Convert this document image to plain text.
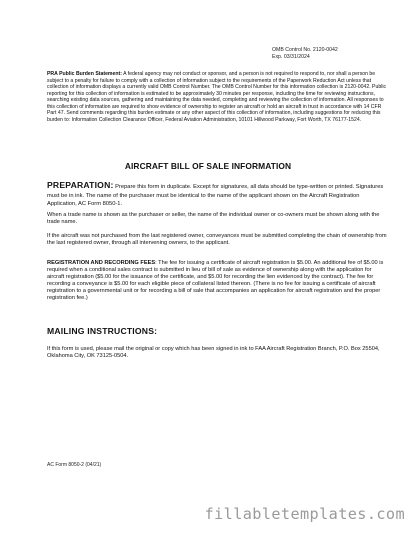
OMB Control No. 2120-0042
Exp. 03/31/2024
PRA Public Burden Statement: A federal agency may not conduct or sponsor, and a person is not required to respond to, nor shall a person be subject to a penalty for failure to comply with a collection of information subject to the requirements of the Paperwork Reduction Act unless that collection of information displays a currently valid OMB Control Number. The OMB Control Number for this information collection is 2120-0042. Public reporting for this collection of information is estimated to be approximately 30 minutes per response, including the time for reviewing instructions, searching existing data sources, gathering and maintaining the data needed, completing and reviewing the collection of information. All responses to this collection of information are required to show evidence of ownership to register an aircraft or hold an aircraft in trust in accordance with 14 CFR Part 47. Send comments regarding this burden estimate or any other aspect of this collection of information, including suggestions for reducing this burden to: Information Collection Clearance Officer, Federal Aviation Administration, 10101 Hillwood Parkway, Fort Worth, TX 76177-1524.
AIRCRAFT BILL OF SALE INFORMATION
PREPARATION: Prepare this form in duplicate. Except for signatures, all data should be type-written or printed. Signatures must be in ink. The name of the purchaser must be identical to the name of the applicant shown on the Aircraft Registration Application, AC Form 8050-1.
When a trade name is shown as the purchaser or seller, the name of the individual owner or co-owners must be shown along with the trade name.
If the aircraft was not purchased from the last registered owner, conveyances must be submitted completing the chain of ownership from the last registered owner, through all intervening owners, to the applicant.
REGISTRATION AND RECORDING FEES: The fee for issuing a certificate of aircraft registration is $5.00. An additional fee of $5.00 is required when a conditional sales contract is submitted in lieu of bill of sale as evidence of ownership along with the application for aircraft registration ($5.00 for the issuance of the certificate, and $5.00 for recording the lien evidenced by the contract). The fee for recording a conveyance is $5.00 for each eligible piece of collateral listed thereon. (There is no fee for issuing a certificate of aircraft registration to a governmental unit or for recording a bill of sale that accompanies an application for aircraft registration and the proper registration fee.)
MAILING INSTRUCTIONS:
If this form is used, please mail the original or copy which has been signed in ink to FAA Aircraft Registration Branch, P.O. Box 25504, Oklahoma City, OK 73125-0504.
AC Form 8050-2 (04/21)
fillabletemplates.com
